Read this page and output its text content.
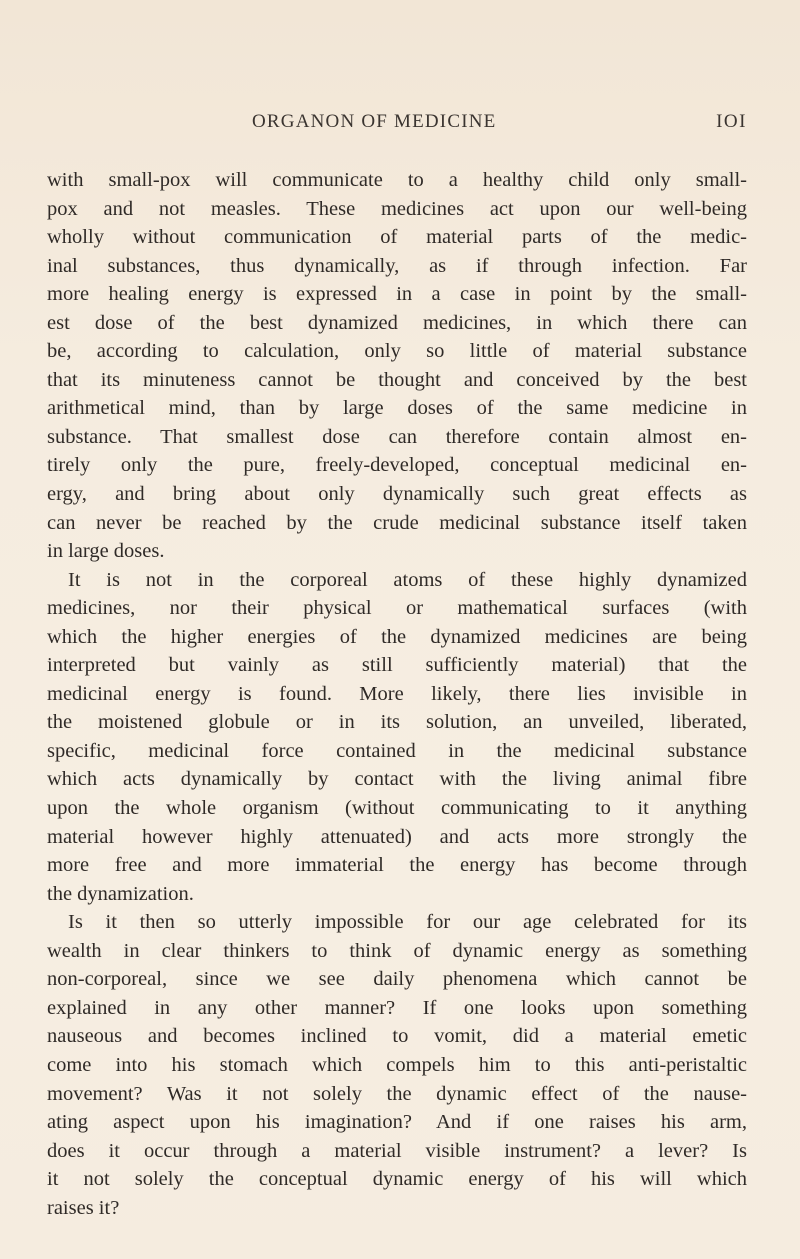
ORGANON OF MEDICINE	IOI
with small-pox will communicate to a healthy child only small-
pox and not measles. These medicines act upon our well-being
wholly without communication of material parts of the medic-
inal substances, thus dynamically, as if through infection. Far
more healing energy is expressed in a case in point by the small-
est dose of the best dynamized medicines, in which there can
be, according to calculation, only so little of material substance
that its minuteness cannot be thought and conceived by the best
arithmetical mind, than by large doses of the same medicine in
substance. That smallest dose can therefore contain almost en-
tirely only the pure, freely-developed, conceptual medicinal en-
ergy, and bring about only dynamically such great effects as
can never be reached by the crude medicinal substance itself taken
in large doses.
It is not in the corporeal atoms of these highly dynamized
medicines, nor their physical or mathematical surfaces (with
which the higher energies of the dynamized medicines are being
interpreted but vainly as still sufficiently material) that the
medicinal energy is found. More likely, there lies invisible in
the moistened globule or in its solution, an unveiled, liberated,
specific, medicinal force contained in the medicinal substance
which acts dynamically by contact with the living animal fibre
upon the whole organism (without communicating to it anything
material however highly attenuated) and acts more strongly the
more free and more immaterial the energy has become through
the dynamization.
Is it then so utterly impossible for our age celebrated for its
wealth in clear thinkers to think of dynamic energy as something
non-corporeal, since we see daily phenomena which cannot be
explained in any other manner? If one looks upon something
nauseous and becomes inclined to vomit, did a material emetic
come into his stomach which compels him to this anti-peristaltic
movement? Was it not solely the dynamic effect of the nause-
ating aspect upon his imagination? And if one raises his arm,
does it occur through a material visible instrument? a lever? Is
it not solely the conceptual dynamic energy of his will which
raises it?
